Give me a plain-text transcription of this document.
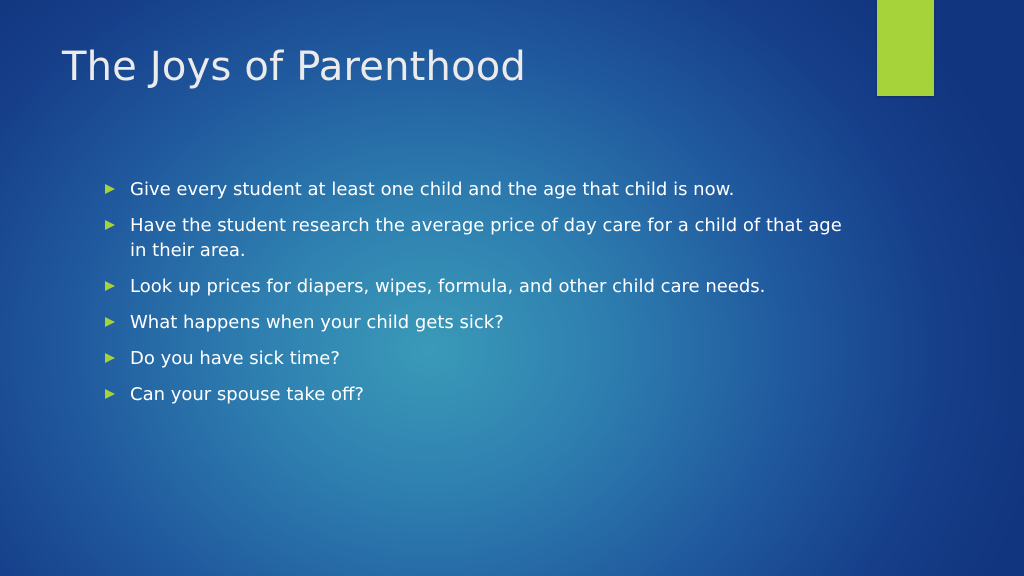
The Joys of Parenthood
Give every student at least one child and the age that child is now.
Have the student research the average price of day care for a child of that age in their area.
Look up prices for diapers, wipes, formula, and other child care needs.
What happens when your child gets sick?
Do you have sick time?
Can your spouse take off?
